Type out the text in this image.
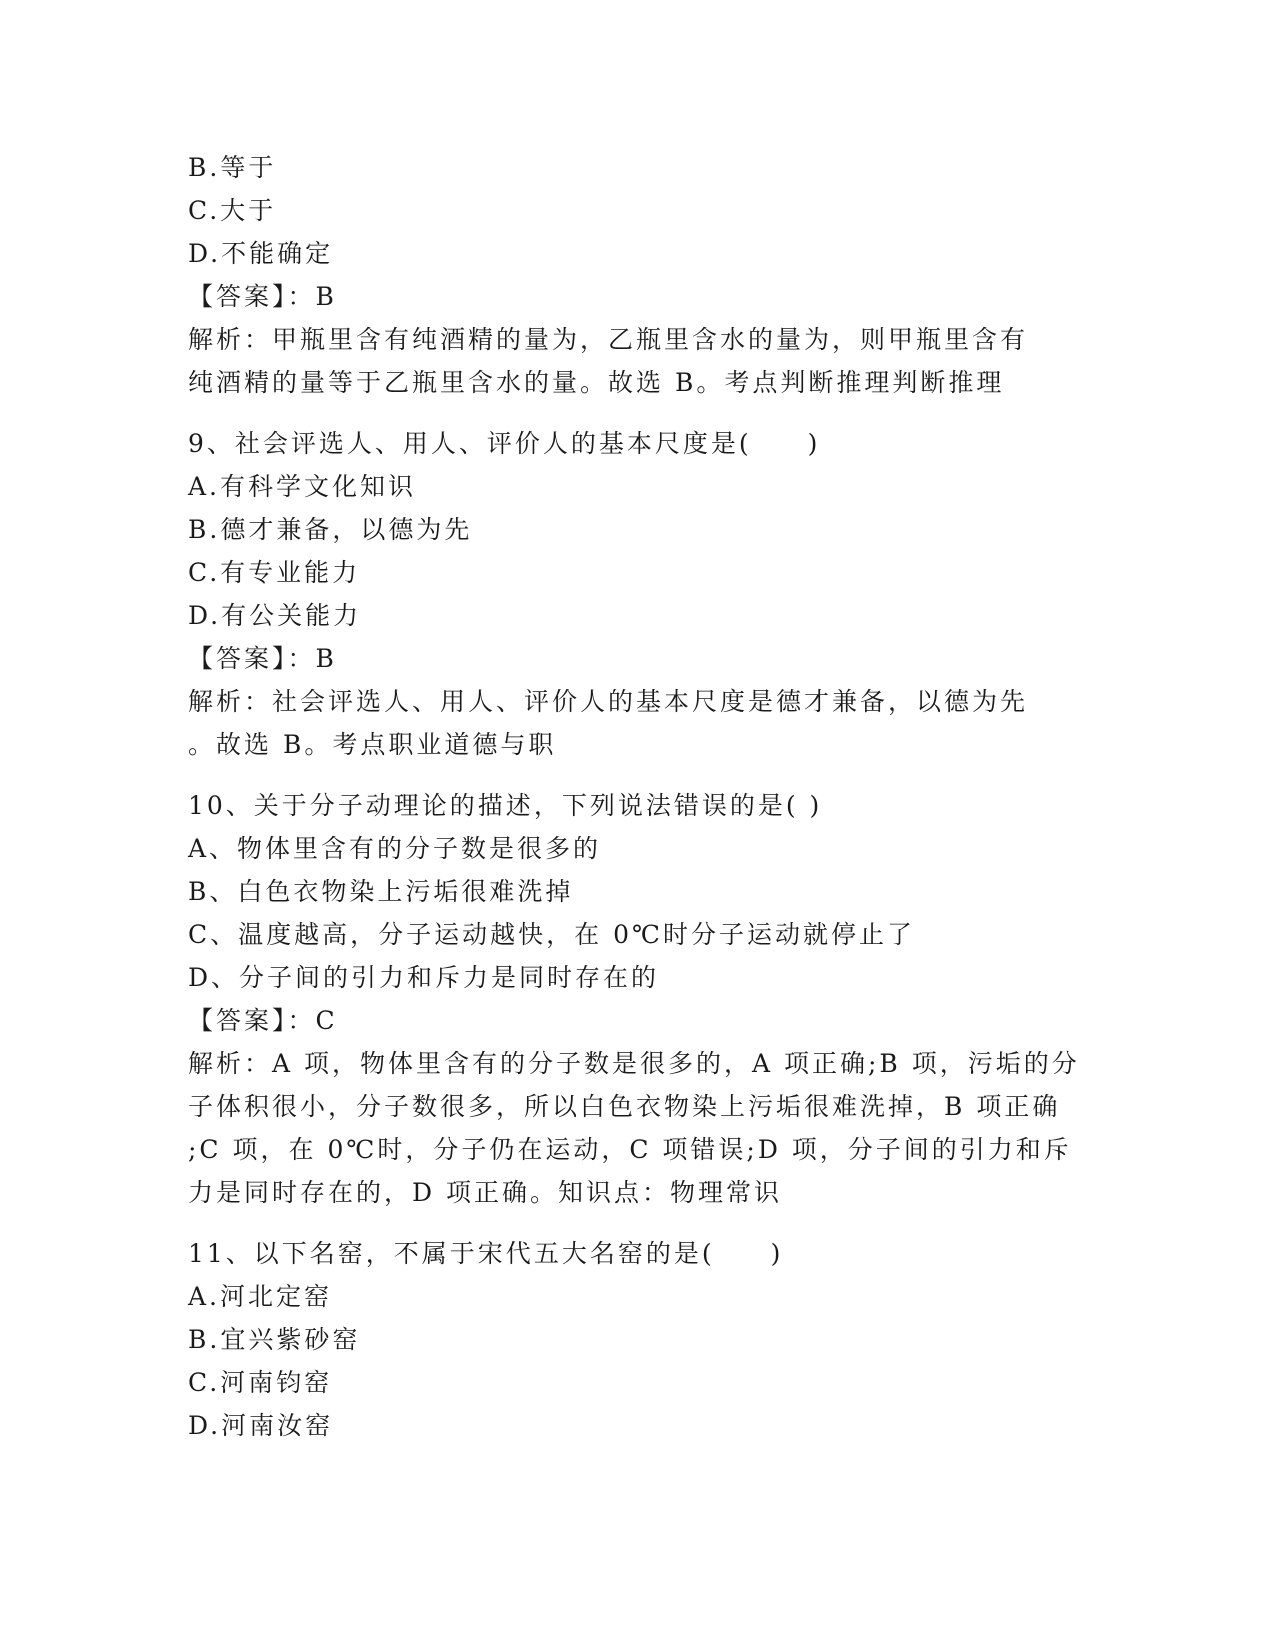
B.等于
C.大于
D.不能确定
【答案】：B
解析：甲瓶里含有纯酒精的量为，乙瓶里含水的量为，则甲瓶里含有
纯酒精的量等于乙瓶里含水的量。故选 B。考点判断推理判断推理
9、社会评选人、用人、评价人的基本尺度是(　　)
A.有科学文化知识
B.德才兼备，以德为先
C.有专业能力
D.有公关能力
【答案】：B
解析：社会评选人、用人、评价人的基本尺度是德才兼备，以德为先
。故选 B。考点职业道德与职
10、关于分子动理论的描述，下列说法错误的是( )
A、物体里含有的分子数是很多的
B、白色衣物染上污垢很难洗掉
C、温度越高，分子运动越快，在 0℃时分子运动就停止了
D、分子间的引力和斥力是同时存在的
【答案】：C
解析：A 项，物体里含有的分子数是很多的，A 项正确;B 项，污垢的分
子体积很小，分子数很多，所以白色衣物染上污垢很难洗掉，B 项正确
;C 项，在 0℃时，分子仍在运动，C 项错误;D 项，分子间的引力和斥
力是同时存在的，D 项正确。知识点：物理常识
11、以下名窑，不属于宋代五大名窑的是(　　)
A.河北定窑
B.宜兴紫砂窑
C.河南钧窑
D.河南汝窑
